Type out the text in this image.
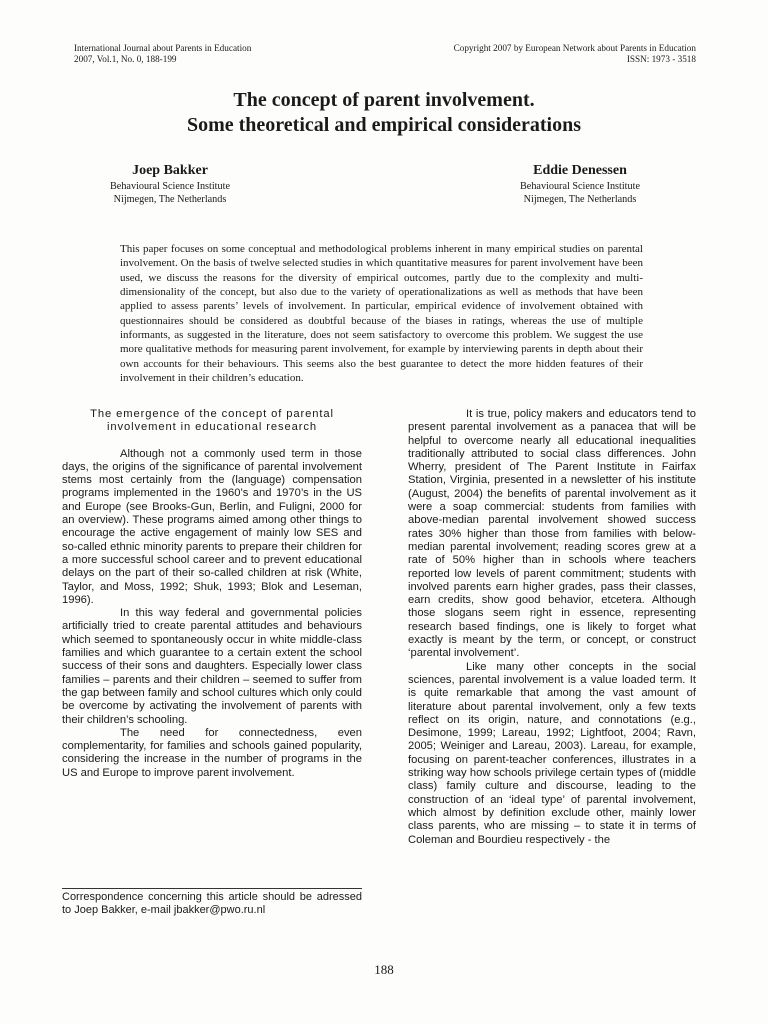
International Journal about Parents in Education
2007, Vol.1, No. 0, 188-199
Copyright 2007 by European Network about Parents in Education
ISSN: 1973 - 3518
The concept of parent involvement.
Some theoretical and empirical considerations
Joep Bakker
Behavioural Science Institute
Nijmegen, The Netherlands
Eddie Denessen
Behavioural Science Institute
Nijmegen, The Netherlands
This paper focuses on some conceptual and methodological problems inherent in many empirical studies on parental involvement. On the basis of twelve selected studies in which quantitative measures for parent involvement have been used, we discuss the reasons for the diversity of empirical outcomes, partly due to the complexity and multi-dimensionality of the concept, but also due to the variety of operationalizations as well as methods that have been applied to assess parents’ levels of involvement. In particular, empirical evidence of involvement obtained with questionnaires should be considered as doubtful because of the biases in ratings, whereas the use of multiple informants, as suggested in the literature, does not seem satisfactory to overcome this problem. We suggest the use more qualitative methods for measuring parent involvement, for example by interviewing parents in depth about their own accounts for their behaviours. This seems also the best guarantee to detect the more hidden features of their involvement in their children’s education.
The emergence of the concept of parental
involvement in educational research

Although not a commonly used term in those days, the origins of the significance of parental involvement stems most certainly from the (language) compensation programs implemented in the 1960’s and 1970’s in the US and Europe (see Brooks-Gun, Berlin, and Fuligni, 2000 for an overview). These programs aimed among other things to encourage the active engagement of mainly low SES and so-called ethnic minority parents to prepare their children for a more successful school career and to prevent educational delays on the part of their so-called children at risk (White, Taylor, and Moss, 1992; Shuk, 1993; Blok and Leseman, 1996).

In this way federal and governmental policies artificially tried to create parental attitudes and behaviours which seemed to spontaneously occur in white middle-class families and which guarantee to a certain extent the school success of their sons and daughters. Especially lower class families – parents and their children – seemed to suffer from the gap between family and school cultures which only could be overcome by activating the involvement of parents with their children’s schooling.

The need for connectedness, even complementarity, for families and schools gained popularity, considering the increase in the number of programs in the US and Europe to improve parent involvement.

It is true, policy makers and educators tend to present parental involvement as a panacea that will be helpful to overcome nearly all educational inequalities traditionally attributed to social class differences. John Wherry, president of The Parent Institute in Fairfax Station, Virginia, presented in a newsletter of his institute (August, 2004) the benefits of parental involvement as it were a soap commercial: students from families with above-median parental involvement showed success rates 30% higher than those from families with below-median parental involvement; reading scores grew at a rate of 50% higher than in schools where teachers reported low levels of parent commitment; students with involved parents earn higher grades, pass their classes, earn credits, show good behavior, etcetera. Although those slogans seem right in essence, representing research based findings, one is likely to forget what exactly is meant by the term, or concept, or construct ‘parental involvement’.

Like many other concepts in the social sciences, parental involvement is a value loaded term. It is quite remarkable that among the vast amount of literature about parental involvement, only a few texts reflect on its origin, nature, and connotations (e.g., Desimone, 1999; Lareau, 1992; Lightfoot, 2004; Ravn, 2005; Weiniger and Lareau, 2003). Lareau, for example, focusing on parent-teacher conferences, illustrates in a striking way how schools privilege certain types of (middle class) family culture and discourse, leading to the construction of an ‘ideal type’ of parental involvement, which almost by definition exclude other, mainly lower class parents, who are missing – to state it in terms of Coleman and Bourdieu respectively - the

Correspondence concerning this article should be adressed to Joep Bakker, e-mail jbakker@pwo.ru.nl
188
